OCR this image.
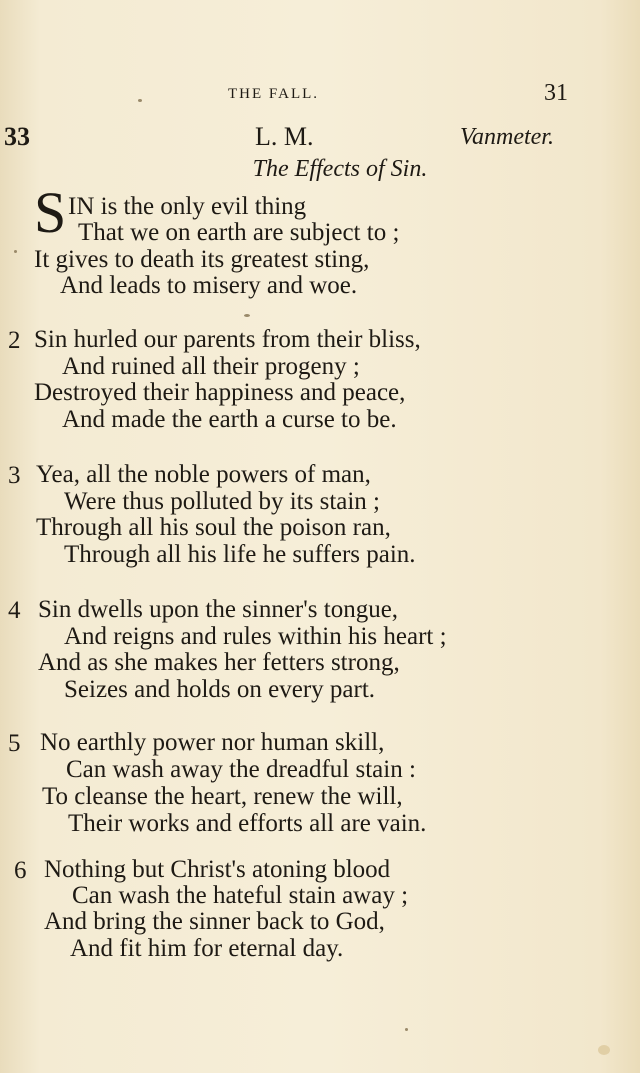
THE FALL.	31
33	L. M.	Vanmeter.
The Effects of Sin.
S IN is the only evil thing
That we on earth are subject to ;
It gives to death its greatest sting,
And leads to misery and woe.
2 Sin hurled our parents from their bliss,
And ruined all their progeny ;
Destroyed their happiness and peace,
And made the earth a curse to be.
3 Yea, all the noble powers of man,
Were thus polluted by its stain ;
Through all his soul the poison ran,
Through all his life he suffers pain.
4 Sin dwells upon the sinner's tongue,
And reigns and rules within his heart ;
And as she makes her fetters strong,
Seizes and holds on every part.
5 No earthly power nor human skill,
Can wash away the dreadful stain :
To cleanse the heart, renew the will,
Their works and efforts all are vain.
6 Nothing but Christ's atoning blood
Can wash the hateful stain away ;
And bring the sinner back to God,
And fit him for eternal day.
